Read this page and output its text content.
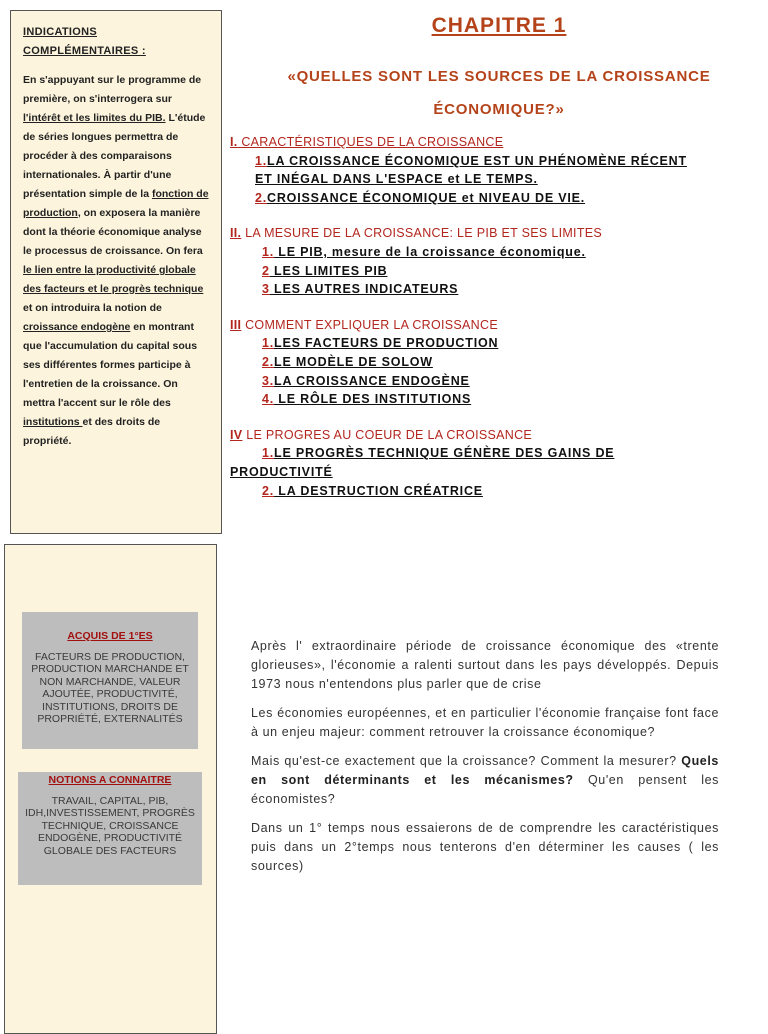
INDICATIONS COMPLÉMENTAIRES :
En s'appuyant sur le programme de première, on s'interrogera sur l'intérêt et les limites du PIB. L'étude de séries longues permettra de procéder à des comparaisons internationales. À partir d'une présentation simple de la fonction de production, on exposera la manière dont la théorie économique analyse le processus de croissance. On fera le lien entre la productivité globale des facteurs et le progrès technique et on introduira la notion de croissance endogène en montrant que l'accumulation du capital sous ses différentes formes participe à l'entretien de la croissance. On mettra l'accent sur le rôle des institutions et des droits de propriété.
ACQUIS DE 1°ES
FACTEURS DE PRODUCTION, PRODUCTION MARCHANDE ET NON MARCHANDE, VALEUR AJOUTÉE, PRODUCTIVITÉ, INSTITUTIONS, DROITS DE PROPRIÉTÉ, EXTERNALITÉS
NOTIONS A CONNAITRE
TRAVAIL, CAPITAL, PIB, IDH,INVESTISSEMENT, PROGRÈS TECHNIQUE, CROISSANCE ENDOGÈNE, PRODUCTIVITÉ GLOBALE DES FACTEURS
CHAPITRE 1
«QUELLES SONT LES SOURCES DE LA CROISSANCE
ÉCONOMIQUE?»
I. CARACTÉRISTIQUES DE LA CROISSANCE
1.LA CROISSANCE ÉCONOMIQUE EST UN PHÉNOMÈNE RÉCENT
ET INÉGAL DANS L'ESPACE et LE TEMPS.
2.CROISSANCE ÉCONOMIQUE et NIVEAU DE VIE.
II. LA MESURE DE LA CROISSANCE: LE PIB ET SES LIMITES
1. LE PIB, mesure de la croissance économique.
2 LES LIMITES PIB
3 LES AUTRES INDICATEURS
III COMMENT EXPLIQUER LA CROISSANCE
1.LES FACTEURS DE PRODUCTION
2.LE MODÈLE DE SOLOW
3.LA CROISSANCE ENDOGÈNE
4. LE RÔLE DES INSTITUTIONS
IV LE PROGRES AU COEUR DE LA CROISSANCE
1.LE PROGRÈS TECHNIQUE GÉNÈRE DES GAINS DE
PRODUCTIVITÉ
2. LA DESTRUCTION CRÉATRICE

Après l' extraordinaire période de croissance économique des «trente glorieuses», l'économie a ralenti surtout dans les pays développés. Depuis 1973 nous n'entendons plus parler que de crise

Les économies européennes, et en particulier l'économie française font face à un enjeu majeur: comment retrouver la croissance économique?

Mais qu'est-ce exactement que la croissance? Comment la mesurer? Quels en sont déterminants et les mécanismes? Qu'en pensent les économistes?

Dans un 1° temps nous essaierons de de comprendre les caractéristiques puis dans un 2°temps nous tenterons d'en déterminer les causes ( les sources)
